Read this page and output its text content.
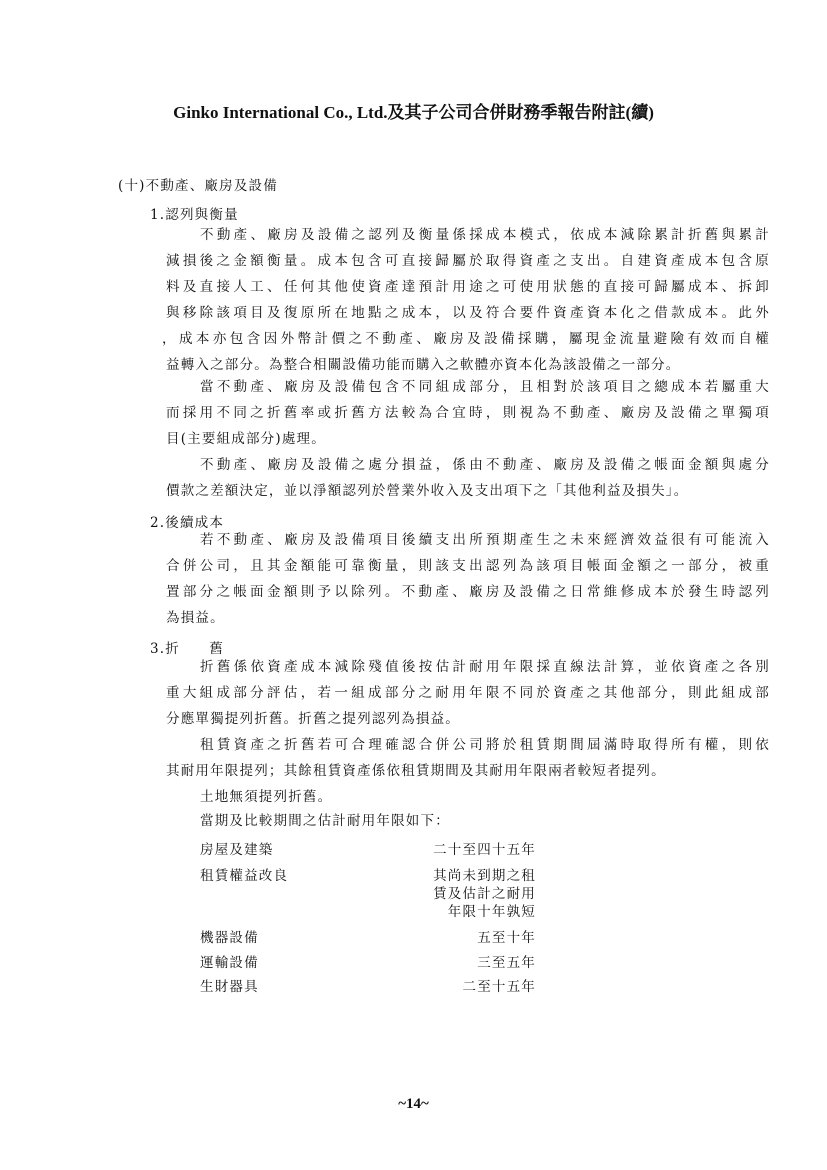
Ginko International Co., Ltd.及其子公司合併財務季報告附註(續)
(十)不動產、廠房及設備
1.認列與衡量
不動產、廠房及設備之認列及衡量係採成本模式，依成本減除累計折舊與累計
減損後之金額衡量。成本包含可直接歸屬於取得資產之支出。自建資產成本包含原
料及直接人工、任何其他使資產達預計用途之可使用狀態的直接可歸屬成本、拆卸
與移除該項目及復原所在地點之成本，以及符合要件資產資本化之借款成本。此外
，成本亦包含因外幣計價之不動產、廠房及設備採購，屬現金流量避險有效而自權
益轉入之部分。為整合相關設備功能而購入之軟體亦資本化為該設備之一部分。
當不動產、廠房及設備包含不同組成部分，且相對於該項目之總成本若屬重大
而採用不同之折舊率或折舊方法較為合宜時，則視為不動產、廠房及設備之單獨項
目(主要組成部分)處理。
不動產、廠房及設備之處分損益，係由不動產、廠房及設備之帳面金額與處分
價款之差額決定，並以淨額認列於營業外收入及支出項下之「其他利益及損失」。
2.後續成本
若不動產、廠房及設備項目後續支出所預期產生之未來經濟效益很有可能流入
合併公司，且其金額能可靠衡量，則該支出認列為該項目帳面金額之一部分，被重
置部分之帳面金額則予以除列。不動產、廠房及設備之日常維修成本於發生時認列
為損益。
3.折　　舊
折舊係依資產成本減除殘值後按估計耐用年限採直線法計算，並依資產之各別
重大組成部分評估，若一組成部分之耐用年限不同於資產之其他部分，則此組成部
分應單獨提列折舊。折舊之提列認列為損益。
租賃資產之折舊若可合理確認合併公司將於租賃期間屆滿時取得所有權，則依
其耐用年限提列；其餘租賃資產係依租賃期間及其耐用年限兩者較短者提列。
土地無須提列折舊。
當期及比較期間之估計耐用年限如下：
房屋及建築	二十至四十五年
租賃權益改良	其尚未到期之租
賃及估計之耐用
年限十年孰短
機器設備	五至十年
運輸設備	三至五年
生財器具	二至十五年
~14~
